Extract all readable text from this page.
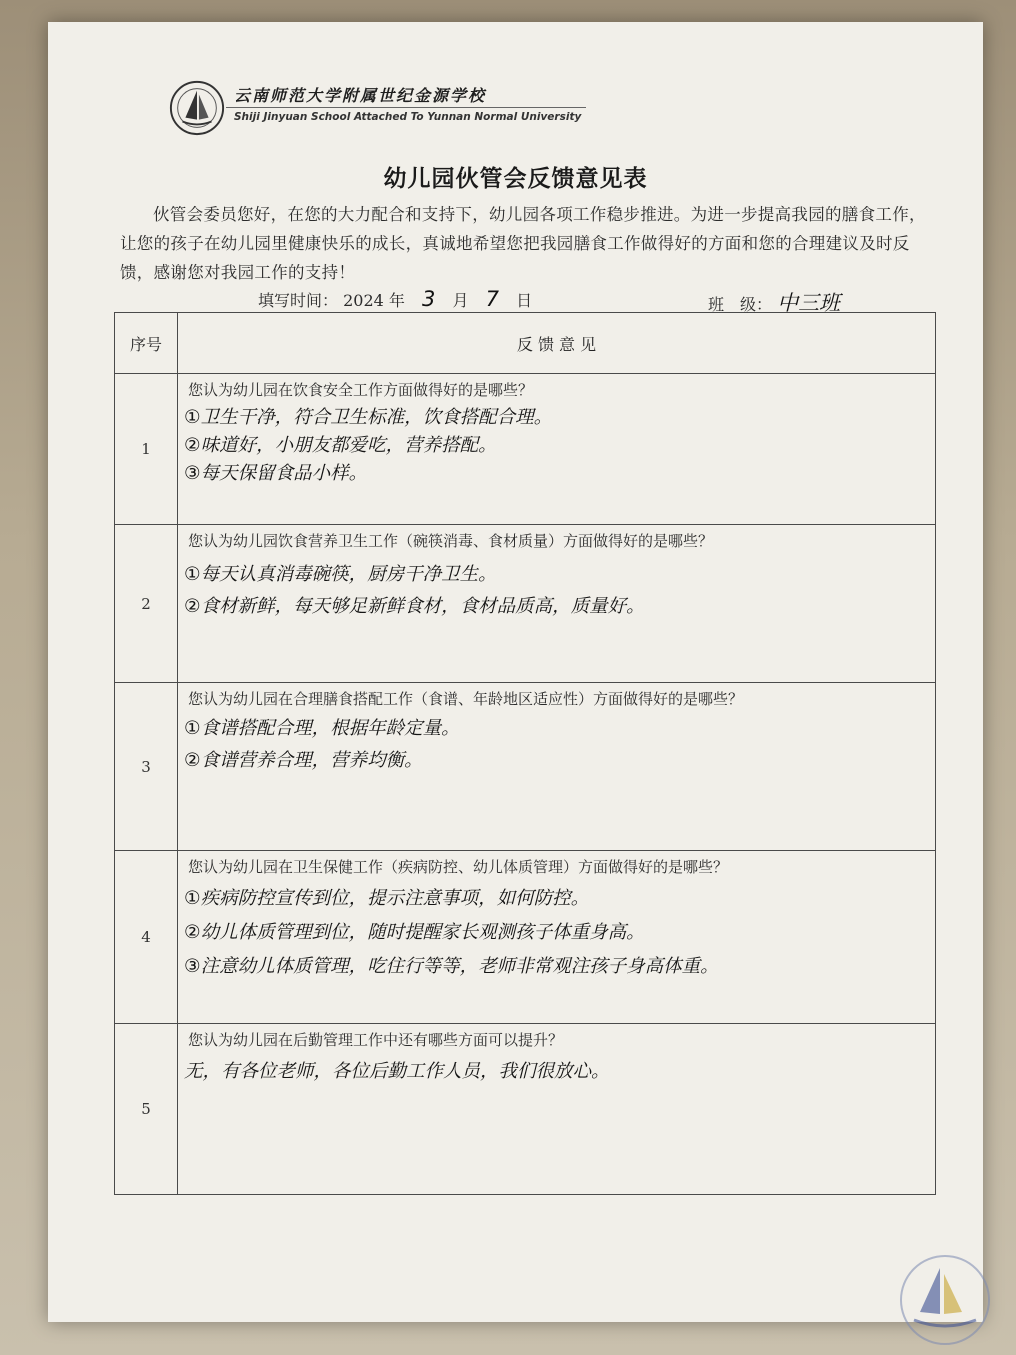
云南师范大学附属世纪金源学校
Shiji Jinyuan School Attached To Yunnan Normal University
幼儿园伙管会反馈意见表
伙管会委员您好，在您的大力配合和支持下，幼儿园各项工作稳步推进。为进一步提高我园的膳食工作，让您的孩子在幼儿园里健康快乐的成长，真诚地希望您把我园膳食工作做得好的方面和您的合理建议及时反馈，感谢您对我园工作的支持！
填写时间： 2024 年 3 月 7 日	班　级： 中三班
序号	反 馈 意 见
1	您认为幼儿园在饮食安全工作方面做得好的是哪些？
①卫生干净，符合卫生标准，饮食搭配合理。
②味道好，小朋友都爱吃，营养搭配。
③每天保留食品小样。

2	您认为幼儿园饮食营养卫生工作（碗筷消毒、食材质量）方面做得好的是哪些？
①每天认真消毒碗筷，厨房干净卫生。
②食材新鲜，每天够足新鲜食材，食材品质高，质量好。

3	您认为幼儿园在合理膳食搭配工作（食谱、年龄地区适应性）方面做得好的是哪些？
①食谱搭配合理，根据年龄定量。
②食谱营养合理，营养均衡。

4	您认为幼儿园在卫生保健工作（疾病防控、幼儿体质管理）方面做得好的是哪些？
①疾病防控宣传到位，提示注意事项，如何防控。
②幼儿体质管理到位，随时提醒家长观测孩子体重身高。
③注意幼儿体质管理，吃住行等等，老师非常观注孩子身高体重。

5	您认为幼儿园在后勤管理工作中还有哪些方面可以提升？
无，有各位老师，各位后勤工作人员，我们很放心。
